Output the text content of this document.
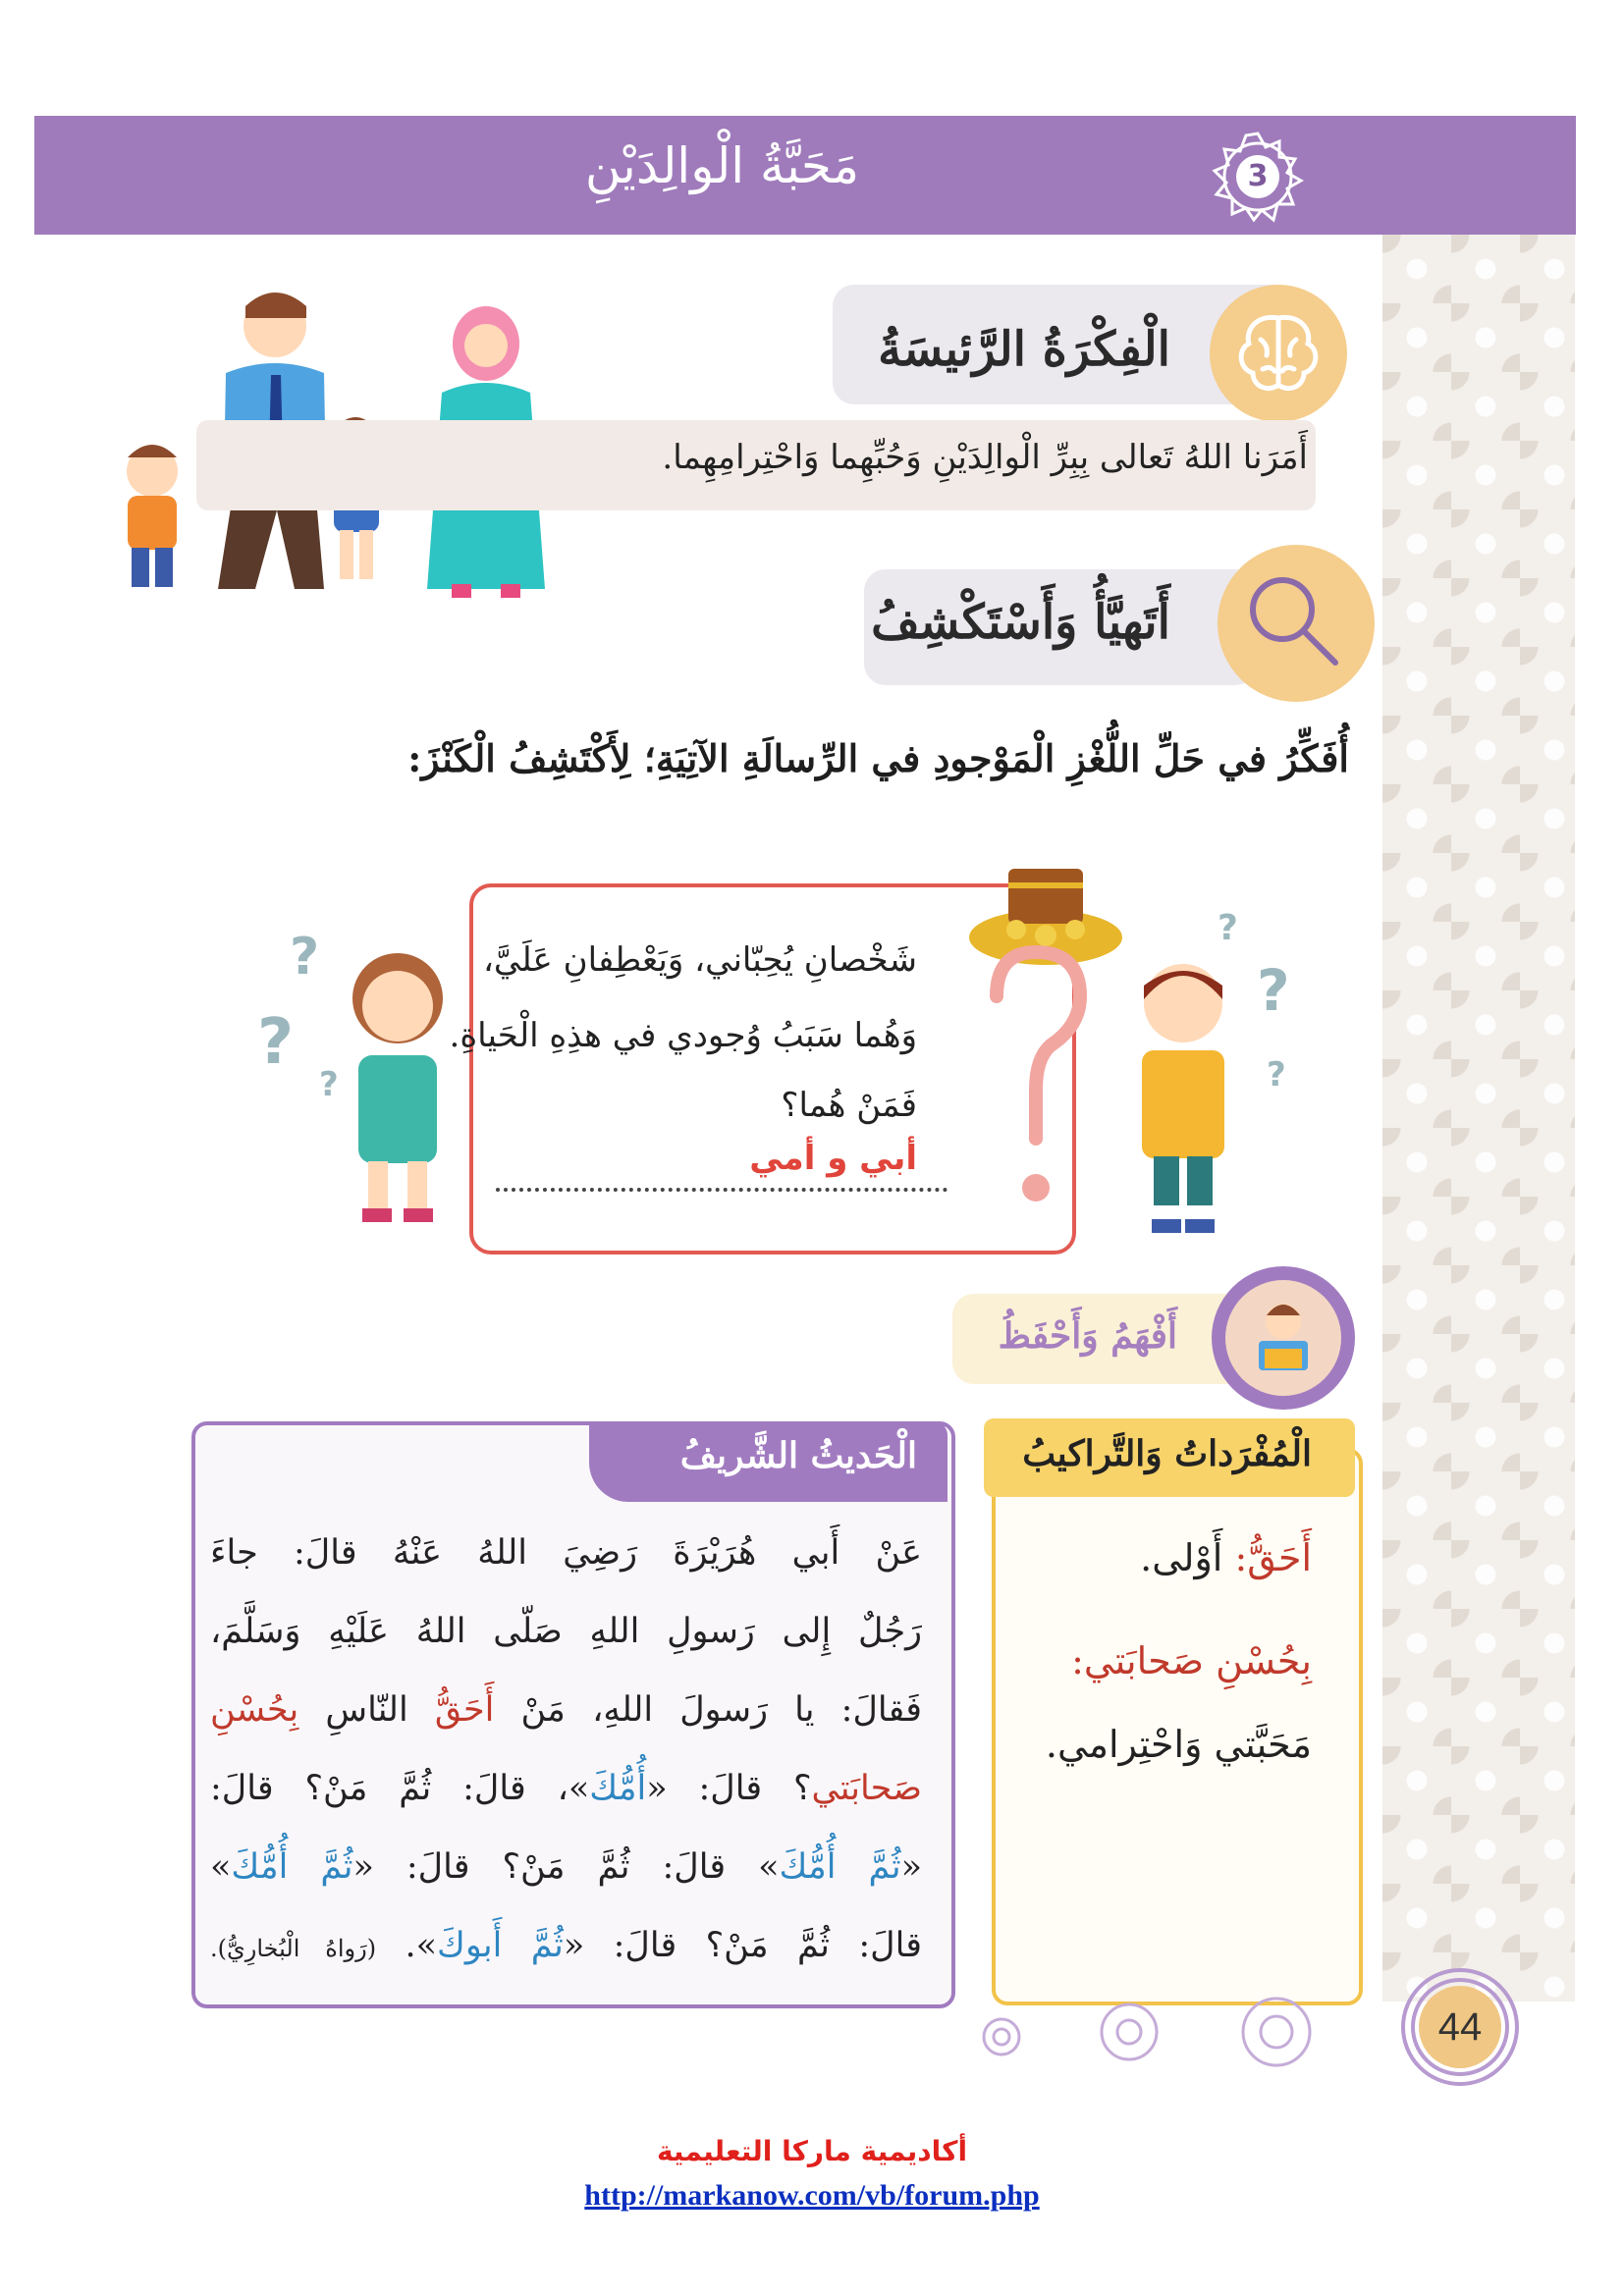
3
مَحَبَّةُ الْوالِدَيْنِ
الْفِكْرَةُ الرَّئيسَةُ
أَمَرَنا اللهُ تَعالى بِبِرِّ الْوالِدَيْنِ وَحُبِّهِما وَاحْتِرامِهِما.
أَتَهيَّأُ وَأَسْتَكْشِفُ
أُفَكِّرُ في حَلِّ اللُّغْزِ الْمَوْجودِ في الرِّسالَةِ الآتِيَةِ؛ لِأَكْتَشِفُ الْكَنْزَ:
?
?
?
?
?
?
شَخْصانِ يُحِبّاني، وَيَعْطِفانِ عَلَيَّ،
وَهُما سَبَبُ وُجودي في هذِهِ الْحَياةِ.
فَمَنْ هُما؟
أبي و أمي
أَفْهَمُ وَأَحْفَظُ
الْمُفْرَداتُ وَالتَّراكيبُ
أَحَقُّ: أَوْلى.
بِحُسْنِ صَحابَتي:
مَحَبَّتي وَاحْتِرامي.
الْحَديثُ الشَّريفُ
عَنْ أَبي هُرَيْرَةَ رَضِيَ اللهُ عَنْهُ قالَ: جاءَ
رَجُلٌ إِلى رَسولِ اللهِ صَلّى اللهُ عَلَيْهِ وَسَلَّمَ،
فَقالَ: يا رَسولَ اللهِ، مَنْ أَحَقُّ النّاسِ بِحُسْنِ
صَحابَتي؟ قالَ: «أُمُّكَ»، قالَ: ثُمَّ مَنْ؟ قالَ:
«ثُمَّ أُمُّكَ» قالَ: ثُمَّ مَنْ؟ قالَ: «ثُمَّ أُمُّكَ»
قالَ: ثُمَّ مَنْ؟ قالَ: «ثُمَّ أَبوكَ». (رَواهُ الْبُخارِيُّ).
44
أكاديمية ماركا التعليمية
http://markanow.com/vb/forum.php
